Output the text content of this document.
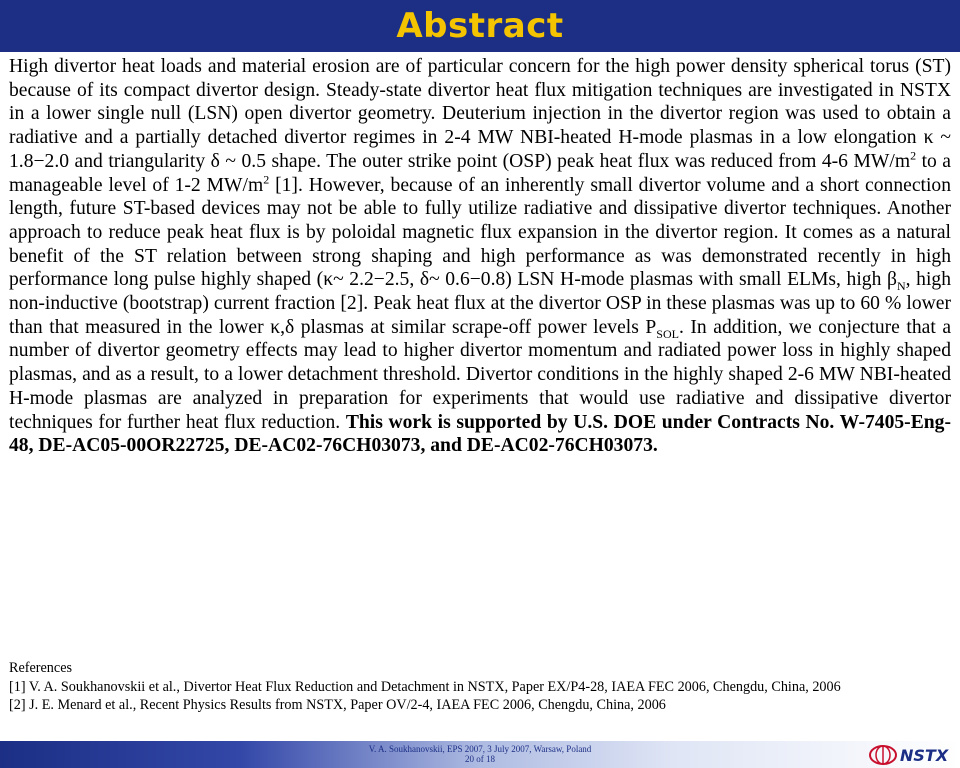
Abstract

High divertor heat loads and material erosion are of particular concern for the high power density spherical torus (ST) because of its compact divertor design. Steady-state divertor heat flux mitigation techniques are investigated in NSTX in a lower single null (LSN) open divertor geometry. Deuterium injection in the divertor region was used to obtain a radiative and a partially detached divertor regimes in 2-4 MW NBI-heated H-mode plasmas in a low elongation κ ~ 1.8−2.0 and triangularity δ ~ 0.5 shape. The outer strike point (OSP) peak heat flux was reduced from 4-6 $MW/m^2$ to a manageable level of 1-2 $MW/m^2$ [1]. However, because of an inherently small divertor volume and a short connection length, future ST-based devices may not be able to fully utilize radiative and dissipative divertor techniques. Another approach to reduce peak heat flux is by poloidal magnetic flux expansion in the divertor region. It comes as a natural benefit of the ST relation between strong shaping and high performance as was demonstrated recently in high performance long pulse highly shaped (κ~ 2.2−2.5, δ~ 0.6−0.8) LSN H-mode plasmas with small ELMs, high $\beta_N$, high non-inductive (bootstrap) current fraction [2]. Peak heat flux at the divertor OSP in these plasmas was up to 60 % lower than that measured in the lower κ,δ plasmas at similar scrape-off power levels $P_{SOL}$. In addition, we conjecture that a number of divertor geometry effects may lead to higher divertor momentum and radiated power loss in highly shaped plasmas, and as a result, to a lower detachment threshold. Divertor conditions in the highly shaped 2-6 MW NBI-heated H-mode plasmas are analyzed in preparation for experiments that would use radiative and dissipative divertor techniques for further heat flux reduction. This work is supported by U.S. DOE under Contracts No. W-7405-Eng-48, DE-AC05-00OR22725, DE-AC02-76CH03073, and DE-AC02-76CH03073.

References

[1] V. A. Soukhanovskii et al., Divertor Heat Flux Reduction and Detachment in NSTX, Paper EX/P4-28, IAEA FEC 2006, Chengdu, China, 2006

[2] J. E. Menard et al., Recent Physics Results from NSTX, Paper OV/2-4, IAEA FEC 2006, Chengdu, China, 2006

V. A. Soukhanovskii, EPS 2007, 3 July 2007, Warsaw, Poland
20 of 18	NSTX
